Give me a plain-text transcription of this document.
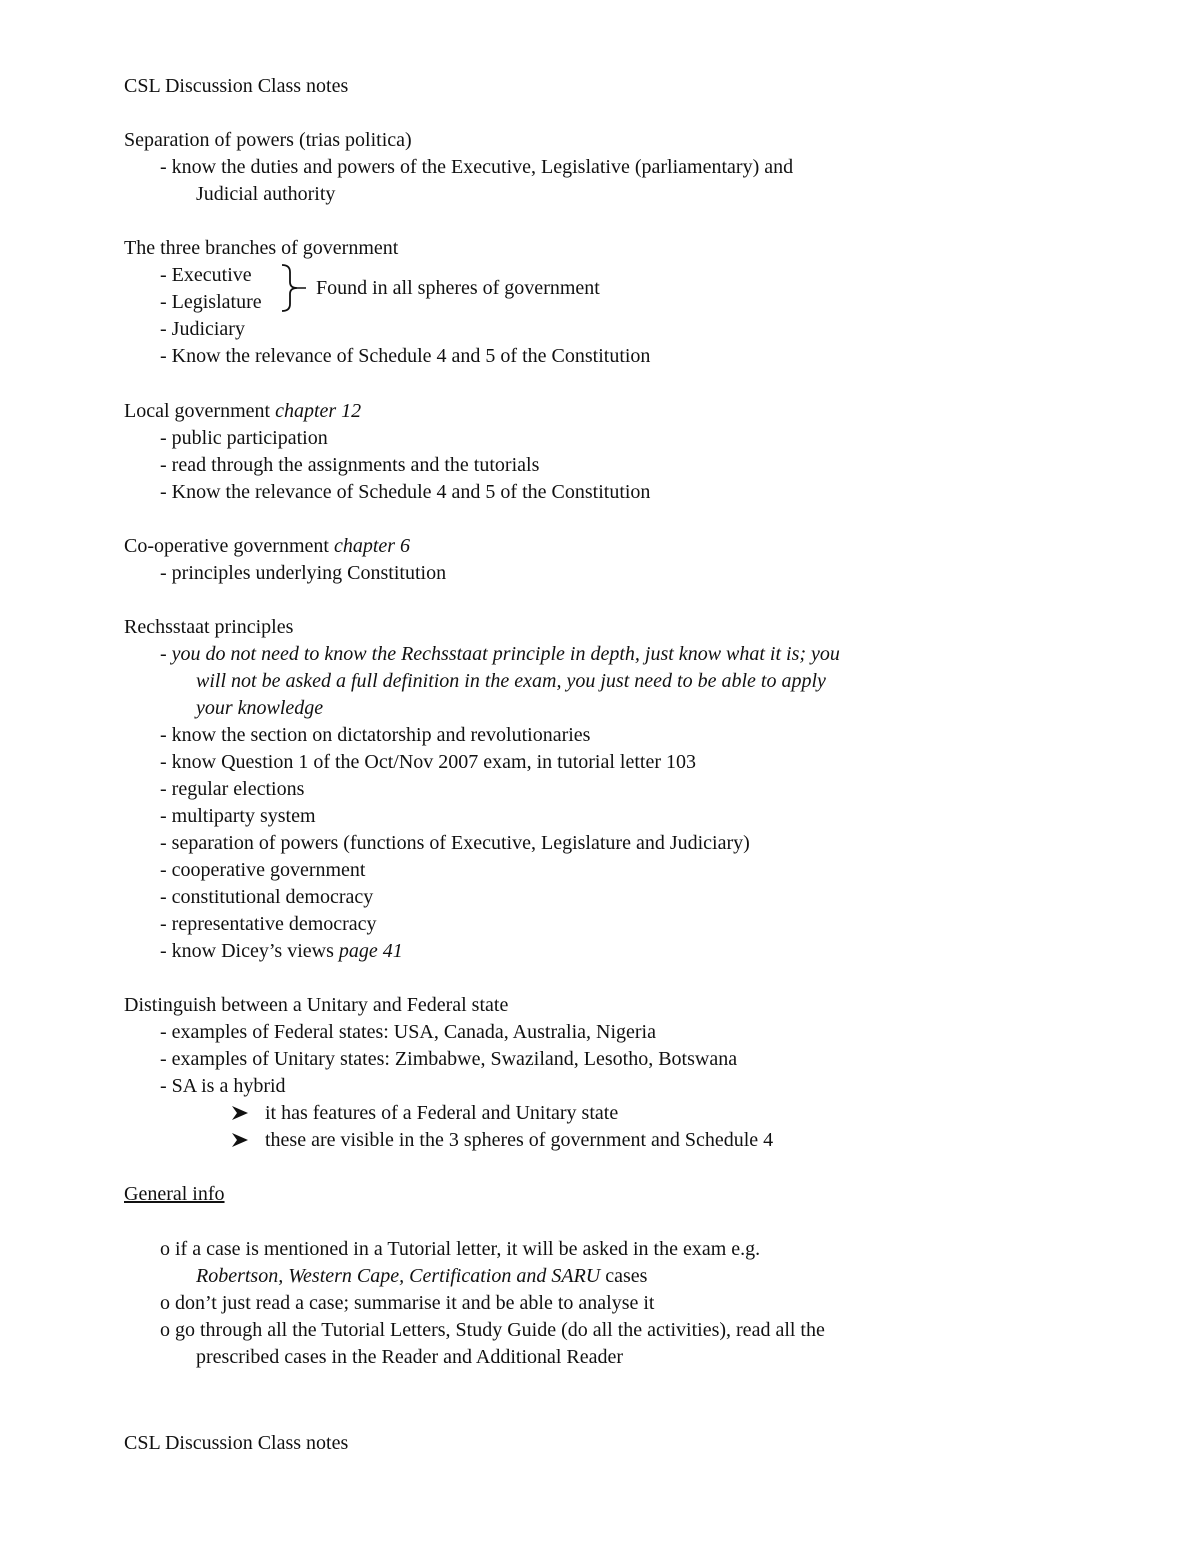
CSL Discussion Class notes
Separation of powers (trias politica)
- know the duties and powers of the Executive, Legislative (parliamentary) and
Judicial authority
The three branches of government
- Executive
- Legislature
Found in all spheres of government
- Judiciary
- Know the relevance of Schedule 4 and 5 of the Constitution
Local government chapter 12
- public participation
- read through the assignments and the tutorials
- Know the relevance of Schedule 4 and 5 of the Constitution
Co-operative government chapter 6
- principles underlying Constitution
Rechsstaat principles
- you do not need to know the Rechsstaat principle in depth, just know what it is; you
will not be asked a full definition in the exam, you just need to be able to apply
your knowledge
- know the section on dictatorship and revolutionaries
- know Question 1 of the Oct/Nov 2007 exam, in tutorial letter 103
- regular elections
- multiparty system
- separation of powers (functions of Executive, Legislature and Judiciary)
- cooperative government
- constitutional democracy
- representative democracy
- know Dicey’s views page 41
Distinguish between a Unitary and Federal state
- examples of Federal states: USA, Canada, Australia, Nigeria
- examples of Unitary states: Zimbabwe, Swaziland, Lesotho, Botswana
- SA is a hybrid
it has features of a Federal and Unitary state
these are visible in the 3 spheres of government and Schedule 4
General info
o if a case is mentioned in a Tutorial letter, it will be asked in the exam e.g.
Robertson, Western Cape, Certification and SARU cases
o don’t just read a case; summarise it and be able to analyse it
o go through all the Tutorial Letters, Study Guide (do all the activities), read all the
prescribed cases in the Reader and Additional Reader
CSL Discussion Class notes
